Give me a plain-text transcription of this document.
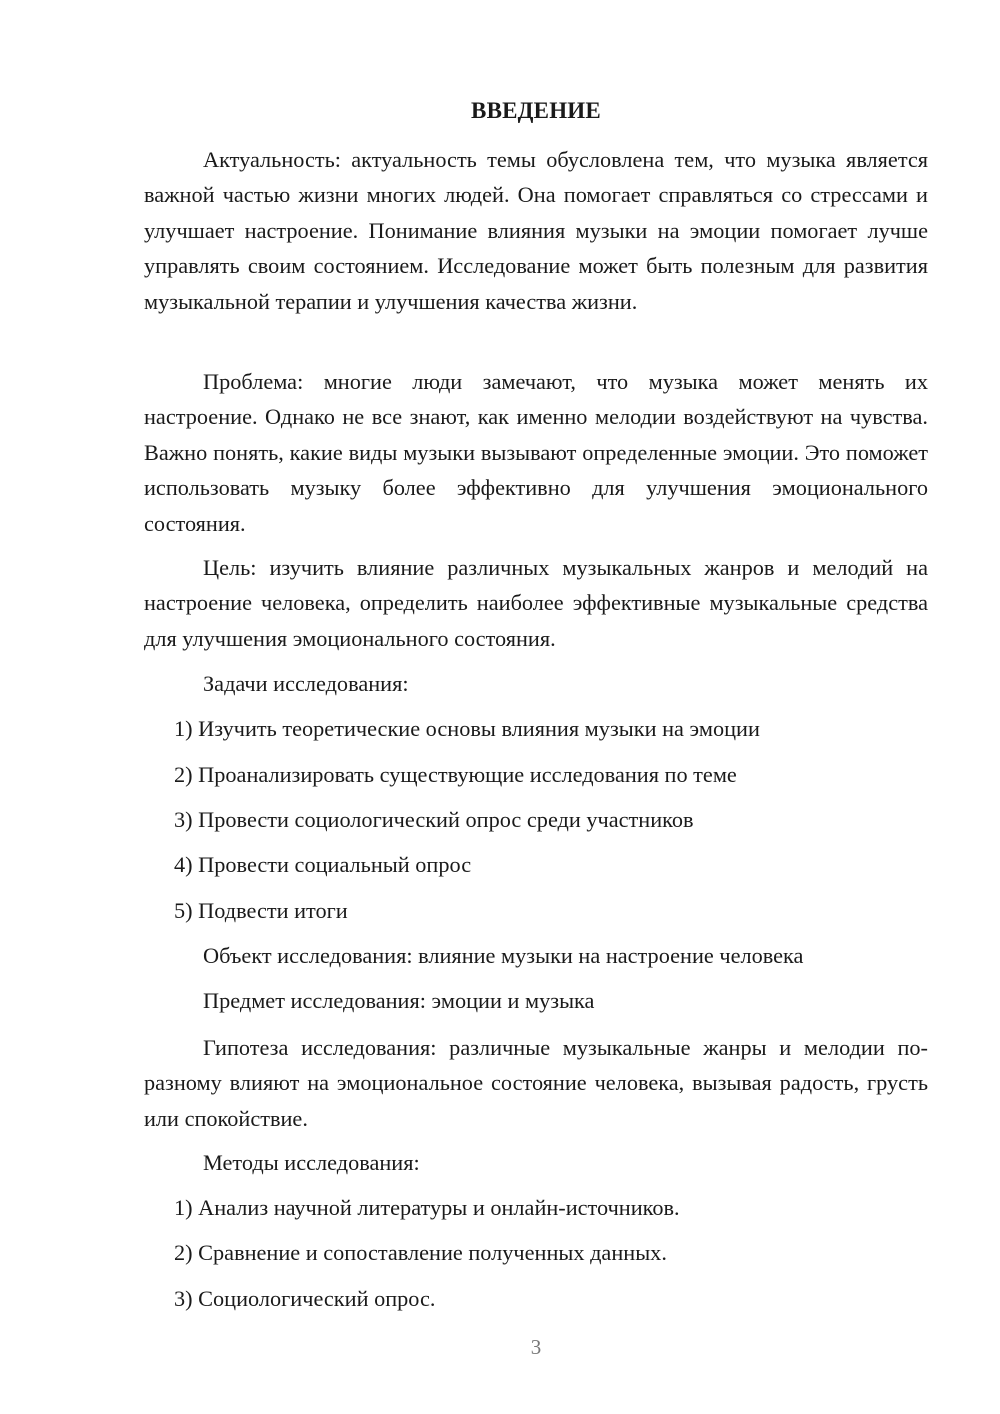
ВВЕДЕНИЕ

Актуальность: актуальность темы обусловлена тем, что музыка является важной частью жизни многих людей. Она помогает справляться со стрессами и улучшает настроение. Понимание влияния музыки на эмоции помогает лучше управлять своим состоянием. Исследование может быть полезным для развития музыкальной терапии и улучшения качества жизни.

Проблема: многие люди замечают, что музыка может менять их настроение. Однако не все знают, как именно мелодии воздействуют на чувства. Важно понять, какие виды музыки вызывают определенные эмоции. Это поможет использовать музыку более эффективно для улучшения эмоционального состояния.

Цель: изучить влияние различных музыкальных жанров и мелодий на настроение человека, определить наиболее эффективные музыкальные средства для улучшения эмоционального состояния.

Задачи исследования:

1) Изучить теоретические основы влияния музыки на эмоции

2) Проанализировать существующие исследования по теме

3) Провести социологический опрос среди участников

4) Провести социальный опрос

5) Подвести итоги

Объект исследования: влияние музыки на настроение человека

Предмет исследования: эмоции и музыка

Гипотеза исследования: различные музыкальные жанры и мелодии по-разному влияют на эмоциональное состояние человека, вызывая радость, грусть или спокойствие.

Методы исследования:

1) Анализ научной литературы и онлайн-источников.

2) Сравнение и сопоставление полученных данных.

3) Социологический опрос.

3
